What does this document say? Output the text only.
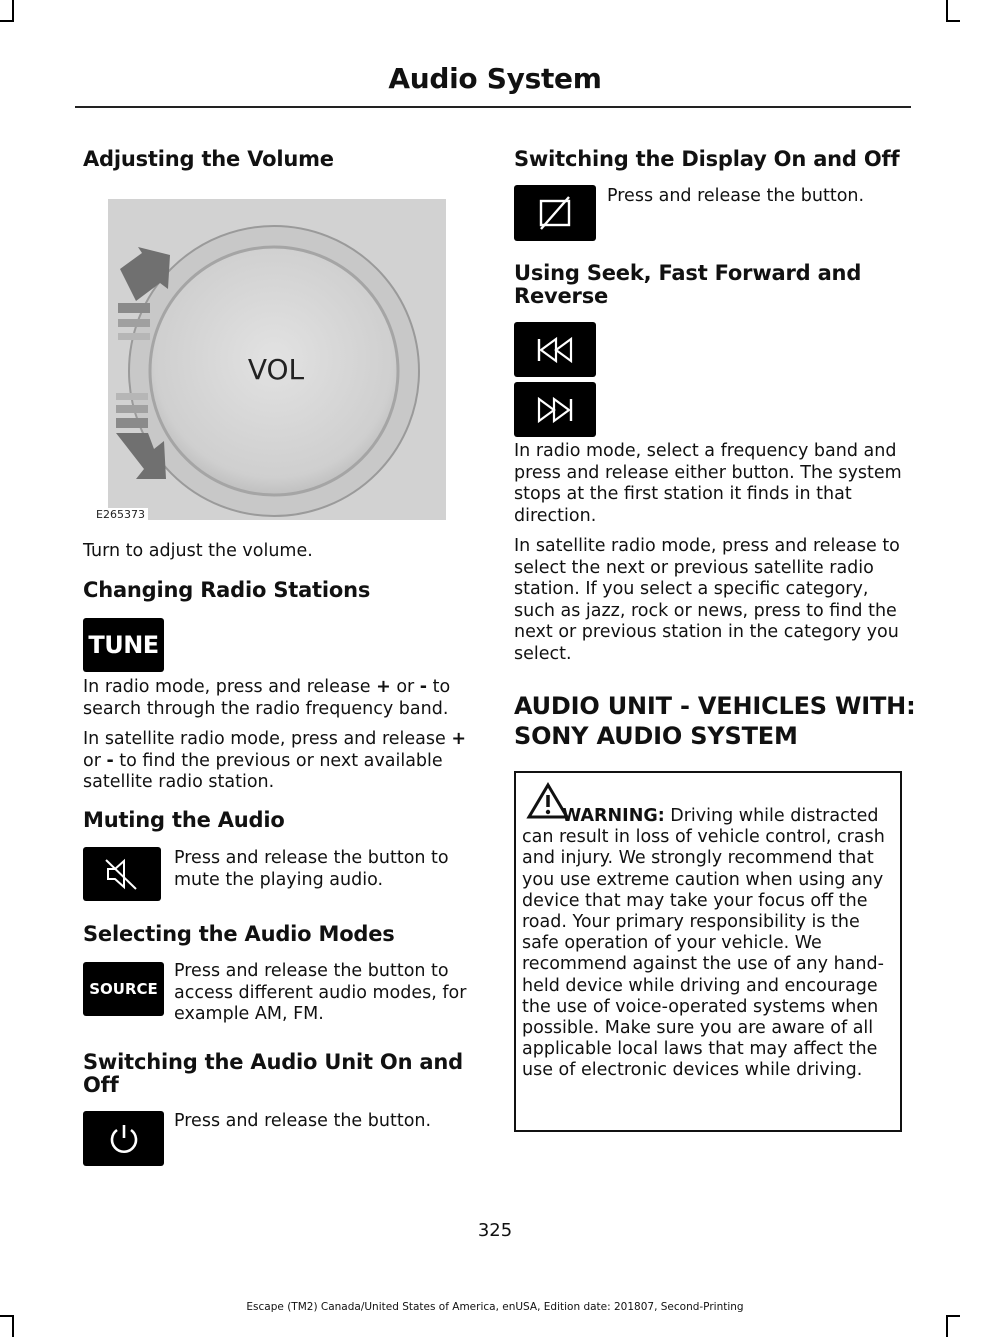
Audio System
Adjusting the Volume
VOL
E265373

Turn to adjust the volume.

Changing Radio Stations
TUNE

In radio mode, press and release + or - to search through the radio frequency band.

In satellite radio mode, press and release + or - to find the previous or next available satellite radio station.

Muting the Audio

Press and release the button to mute the playing audio.

Selecting the Audio Modes
SOURCE

Press and release the button to access different audio modes, for example AM, FM.

Switching the Audio Unit On and
Off

Press and release the button.

Switching the Display On and Off

Press and release the button.

Using Seek, Fast Forward and
Reverse

In radio mode, select a frequency band and press and release either button. The system stops at the first station it finds in that direction.

In satellite radio mode, press and release to select the next or previous satellite radio station. If you select a specific category, such as jazz, rock or news, press to find the next or previous station in the category you select.

AUDIO UNIT - VEHICLES WITH:
SONY AUDIO SYSTEM

WARNING: Driving while distracted can result in loss of vehicle control, crash and injury. We strongly recommend that you use extreme caution when using any device that may take your focus off the road. Your primary responsibility is the safe operation of your vehicle. We recommend against the use of any hand-held device while driving and encourage the use of voice-operated systems when possible. Make sure you are aware of all applicable local laws that may affect the use of electronic devices while driving.

325
Escape (TM2) Canada/United States of America, enUSA, Edition date: 201807, Second-Printing
